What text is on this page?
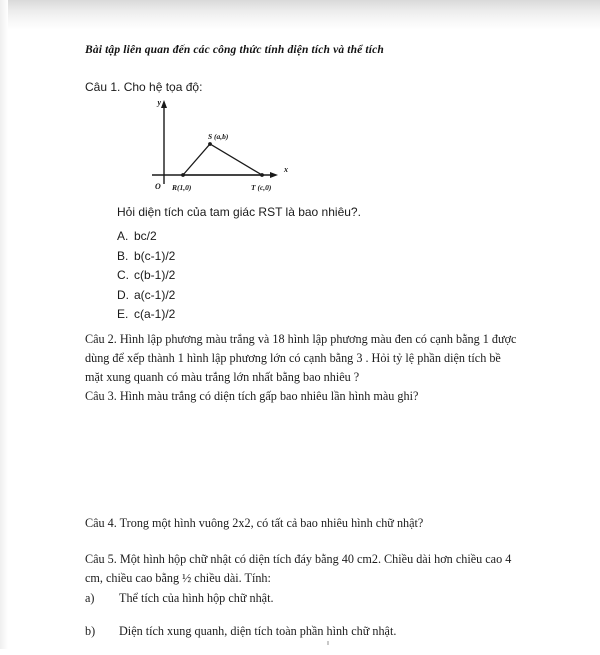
Bài tập liên quan đến các công thức tính diện tích và thể tích
Câu 1. Cho hệ tọa độ:
y
x
O R(1,0)
S (a,b)
T (c,0)
Hỏi diện tích của tam giác RST là bao nhiêu?.
A. bc/2
B. b(c-1)/2
C. c(b-1)/2
D. a(c-1)/2
E. c(a-1)/2
Câu 2. Hình lập phương màu trắng và 18 hình lập phương màu đen có cạnh bằng 1 được dùng để xếp thành 1 hình lập phương lớn có cạnh bằng 3 . Hỏi tỷ lệ phần diện tích bề mặt xung quanh có màu trắng lớn nhất bằng bao nhiêu ?
Câu 3. Hình màu trắng có diện tích gấp bao nhiêu lần hình màu ghi?
Câu 4. Trong một hình vuông 2x2, có tất cả bao nhiêu hình chữ nhật?
Câu 5. Một hình hộp chữ nhật có diện tích đáy bằng 40 cm2. Chiều dài hơn chiều cao 4 cm, chiều cao bằng ½ chiều dài. Tính:
a) Thể tích của hình hộp chữ nhật.
b) Diện tích xung quanh, diện tích toàn phần hình chữ nhật.
